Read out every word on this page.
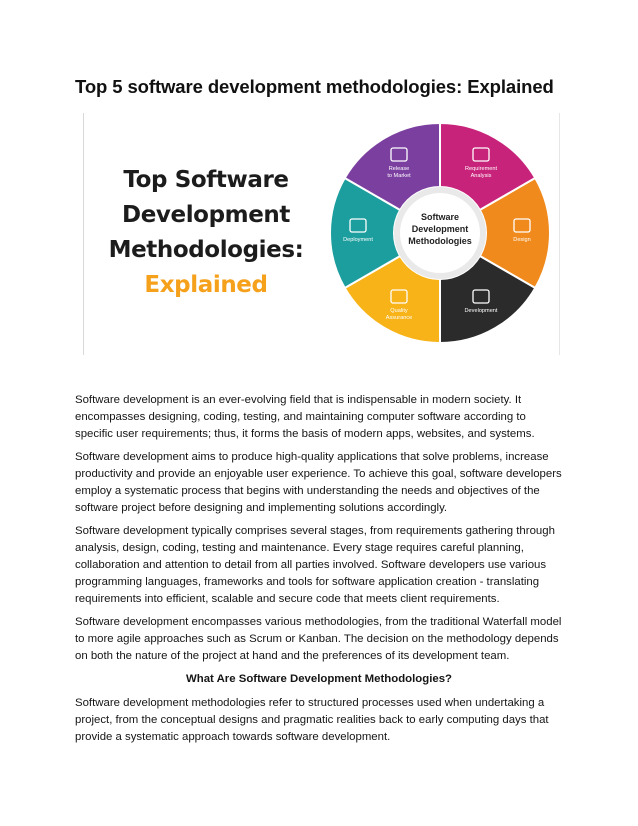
Top 5 software development methodologies: Explained
Top Software
Development
Methodologies:
Explained
Software
Development
Methodologies
Requirement
Analysis
Design
Development
Quality
Assurance
Deployment
Release
to Market

Software development is an ever-evolving field that is indispensable in modern society. It encompasses designing, coding, testing, and maintaining computer software according to specific user requirements; thus, it forms the basis of modern apps, websites, and systems.

Software development aims to produce high-quality applications that solve problems, increase productivity and provide an enjoyable user experience. To achieve this goal, software developers employ a systematic process that begins with understanding the needs and objectives of the software project before designing and implementing solutions accordingly.

Software development typically comprises several stages, from requirements gathering through analysis, design, coding, testing and maintenance. Every stage requires careful planning, collaboration and attention to detail from all parties involved. Software developers use various programming languages, frameworks and tools for software application creation - translating requirements into efficient, scalable and secure code that meets client requirements.

Software development encompasses various methodologies, from the traditional Waterfall model to more agile approaches such as Scrum or Kanban. The decision on the methodology depends on both the nature of the project at hand and the preferences of its development team.

What Are Software Development Methodologies?

Software development methodologies refer to structured processes used when undertaking a project, from the conceptual designs and pragmatic realities back to early computing days that provide a systematic approach towards software development.
